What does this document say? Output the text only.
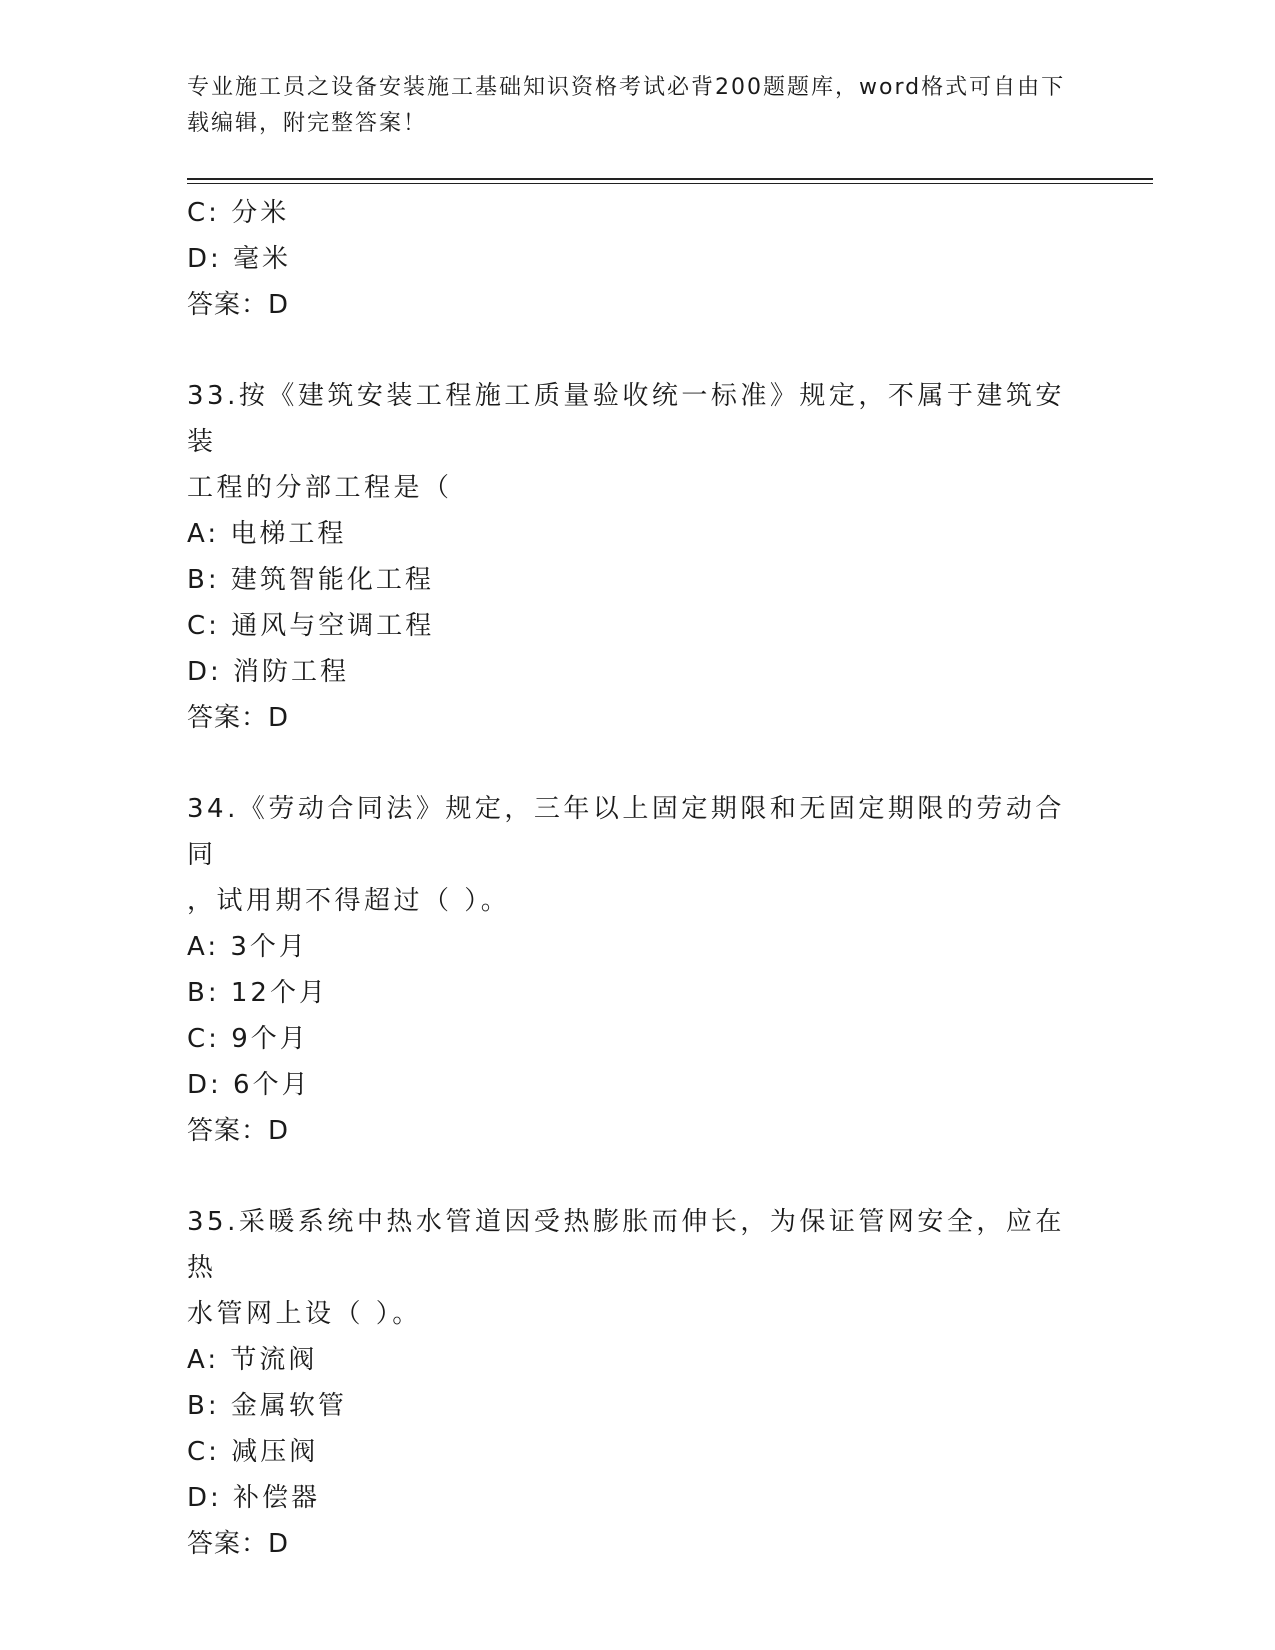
专业施工员之设备安装施工基础知识资格考试必背200题题库，word格式可自由下载编辑，附完整答案！
C: 分米
D: 毫米
答案：D
33.按《建筑安装工程施工质量验收统一标准》规定，不属于建筑安装
工程的分部工程是（
A: 电梯工程
B: 建筑智能化工程
C: 通风与空调工程
D: 消防工程
答案：D
34.《劳动合同法》规定，三年以上固定期限和无固定期限的劳动合同
，试用期不得超过（ ）。
A: 3个月
B: 12个月
C: 9个月
D: 6个月
答案：D
35.采暖系统中热水管道因受热膨胀而伸长，为保证管网安全，应在热
水管网上设（ ）。
A: 节流阀
B: 金属软管
C: 减压阀
D: 补偿器
答案：D
